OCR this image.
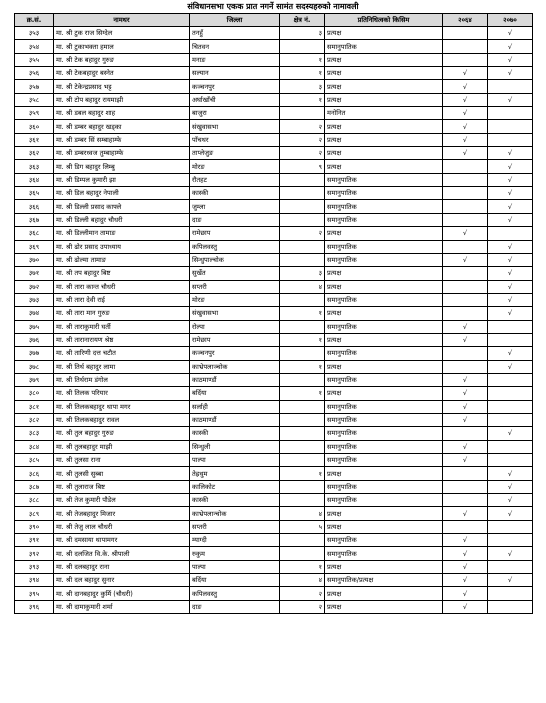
संविधानसभा एकक प्रात नगर्ने सामंत सदस्यहरुको नामावली
क्र.सं.	नामथर	जिल्ला	क्षेत्र नं.	प्रतिनिधित्वको किसिम	२०६४	२०७०
३५३	मा. श्री टुक राज सिग्देल	तनहुँ	३	प्रत्यक्ष		√
३५४	मा. श्री टुकाभक्ता हमाल	चितवन		समानुपातिक		√
३५५	मा. श्री टेक बहादुर गुरुङ	मनाङ	१	प्रत्यक्ष		√
३५६	मा. श्री टेकबहादुर बस्नेत	सल्यान	१	प्रत्यक्ष	√	√
३५७	मा. श्री टेकेन्द्रप्रसाद भट्ट	कञ्चनपुर	३	प्रत्यक्ष	√	
३५८	मा. श्री टोप बहादुर रायमाझी	अर्घाखाँची	१	प्रत्यक्ष	√	√
३५९	मा. श्री डबल बहादुर शाह	बाजुरा		मनोनित	√	
३६०	मा. श्री डम्बर बहादुर खड्का	संखुवासभा	२	प्रत्यक्ष	√	
३६१	मा. श्री डम्बर सिं सम्बाहाम्फे	पाँचथर	२	प्रत्यक्ष	√	
३६२	मा. श्री डम्बरध्वज तुम्बाहाम्फे	ताप्लेजुङ	२	प्रत्यक्ष	√	√
३६३	मा. श्री डिग बहादुर लिम्बु	मोरङ	९	प्रत्यक्ष		√
३६४	मा. श्री डिम्पल कुमारी झा	रौतहट		समानुपातिक		√
३६५	मा. श्री डिल बहादुर नेपाली	कास्की		समानुपातिक		√
३६६	मा. श्री डिल्ली प्रसाद काफ्ले	जुम्ला		समानुपातिक		√
३६७	मा. श्री डिल्ली बहादुर चौधरी	दाङ		समानुपातिक		√
३६८	मा. श्री डिल्लीमान तामाङ	रामेछाप	२	प्रत्यक्ष	√	
३६९	मा. श्री ढोर प्रसाद उपाध्याय	कपिलवस्तु		समानुपातिक		√
३७०	मा. श्री ढोल्मा तामाङ	सिन्धुपाल्चोक		समानुपातिक	√	√
३७१	मा. श्री तप बहादुर बिष्ट	सुर्खेत	३	प्रत्यक्ष		√
३७२	मा. श्री तारा कान्त चौधरी	सप्तरी	४	प्रत्यक्ष		√
३७३	मा. श्री तारा देवी राई	मोरङ		समानुपातिक		√
३७४	मा. श्री तारा मान गुरुङ	संखुवासभा	१	प्रत्यक्ष		√
३७५	मा. श्री ताराकुमारी घर्ती	रोल्पा		समानुपातिक	√	
३७६	मा. श्री तारानारायण श्रेष्ठ	रामेछाप	१	प्रत्यक्ष	√	
३७७	मा. श्री तारिणी दत्त चटौत	कञ्चनपुर		समानुपातिक		√
३७८	मा. श्री तिर्थ बहादुर लामा	काभ्रेपलाञ्चोक	१	प्रत्यक्ष		√
३७९	मा. श्री तिर्थराम डंगोल	काठमाण्डौं		समानुपातिक	√	
३८०	मा. श्री तिलक परियार	बर्दिया	१	प्रत्यक्ष	√	
३८१	मा. श्री तिलकबहादुर थापा मगर	सर्लाही		समानुपातिक	√	
३८२	मा. श्री तिलकबहादुर रावल	काठमाण्डौं		समानुपातिक	√	
३८३	मा. श्री तुल बहादुर गुरुङ	कास्की		समानुपातिक		√
३८४	मा. श्री तुलबहादुर माझी	सिन्धुली		समानुपातिक	√	
३८५	मा. श्री तुलसा राना	पाल्पा		समानुपातिक	√	
३८६	मा. श्री तुलसी सुब्बा	तेह्रथुम	१	प्रत्यक्ष		√
३८७	मा. श्री तुलाराज बिष्ट	कालिकोट		समानुपातिक		√
३८८	मा. श्री तेज कुमारी पौडेल	कास्की		समानुपातिक		√
३८९	मा. श्री तेजबहादुर मिजार	काभ्रेपलान्चोक	४	प्रत्यक्ष	√	√
३९०	मा. श्री तेजु लाल चौधरी	सप्तरी	५	प्रत्यक्ष		
३९१	मा. श्री दमसाया थापामगर	म्याग्दी		समानुपातिक	√	
३९२	मा. श्री दलजित वि.के. श्रीपाली	रुकुम		समानुपातिक	√	√
३९३	मा. श्री दलबहादुर राना	पाल्पा	१	प्रत्यक्ष	√	
३९४	मा. श्री दल बहादुर सुनार	बर्दिया	४	समानुपातिक/प्रत्यक्ष	√	√
३९५	मा. श्री दानबहादुर कुर्मि (चौधरी)	कपिलवस्तु	२	प्रत्यक्ष	√	
३९६	मा. श्री दामाकुमारी शर्मा	दाङ	२	प्रत्यक्ष	√	
